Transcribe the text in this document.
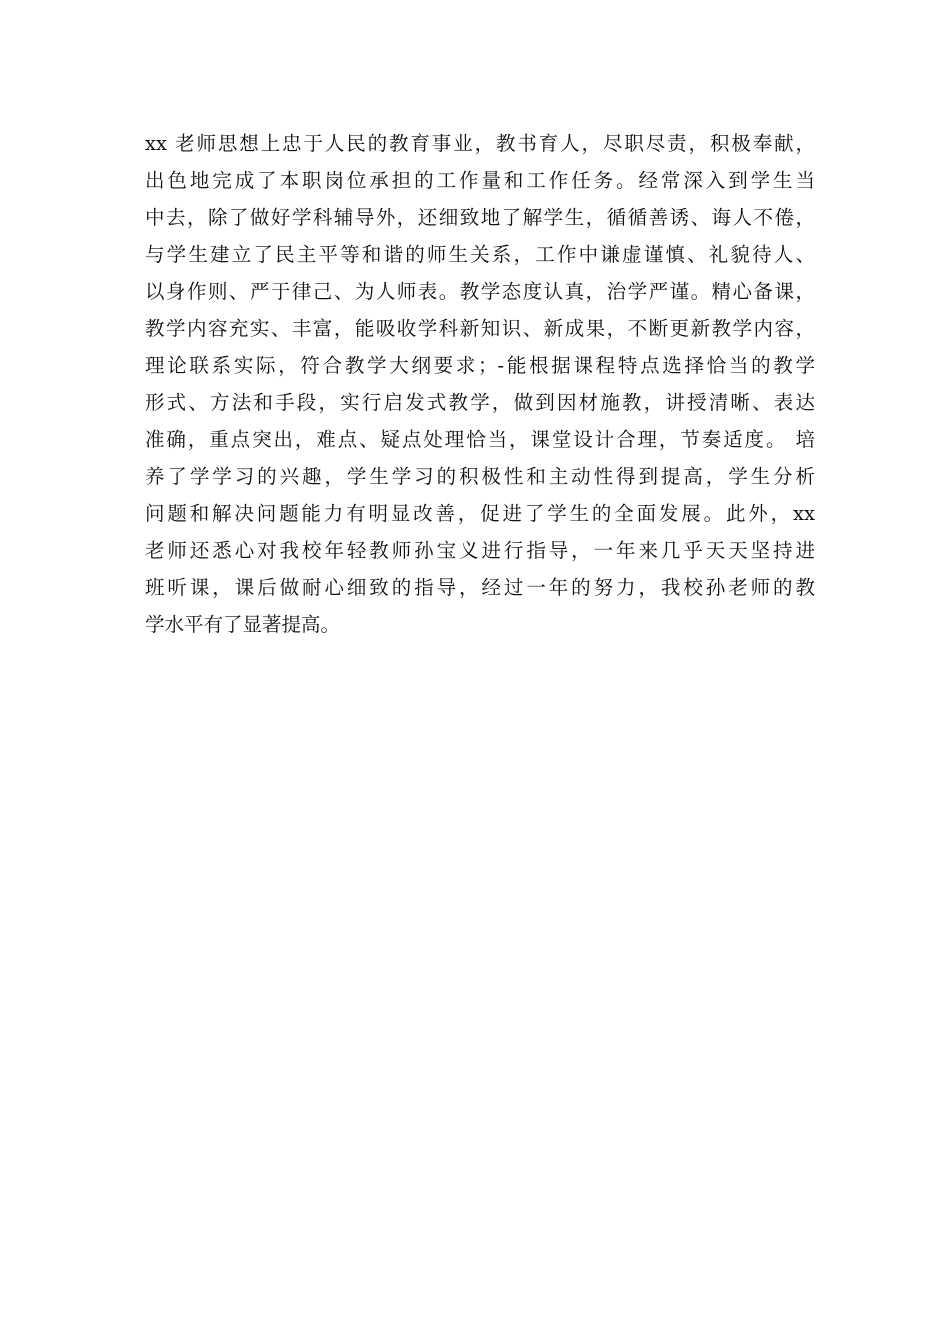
xx 老师思想上忠于人民的教育事业，教书育人，尽职尽责，积极奉献，
出色地完成了本职岗位承担的工作量和工作任务。经常深入到学生当
中去，除了做好学科辅导外，还细致地了解学生，循循善诱、诲人不倦，
与学生建立了民主平等和谐的师生关系，工作中谦虚谨慎、礼貌待人、
以身作则、严于律己、为人师表。教学态度认真，治学严谨。精心备课，
教学内容充实、丰富，能吸收学科新知识、新成果，不断更新教学内容，
理论联系实际，符合教学大纲要求；-能根据课程特点选择恰当的教学
形式、方法和手段，实行启发式教学，做到因材施教，讲授清晰、表达
准确，重点突出，难点、疑点处理恰当，课堂设计合理，节奏适度。 培
养了学学习的兴趣，学生学习的积极性和主动性得到提高，学生分析
问题和解决问题能力有明显改善，促进了学生的全面发展。此外，xx
老师还悉心对我校年轻教师孙宝义进行指导，一年来几乎天天坚持进
班听课，课后做耐心细致的指导，经过一年的努力，我校孙老师的教
学水平有了显著提高。
